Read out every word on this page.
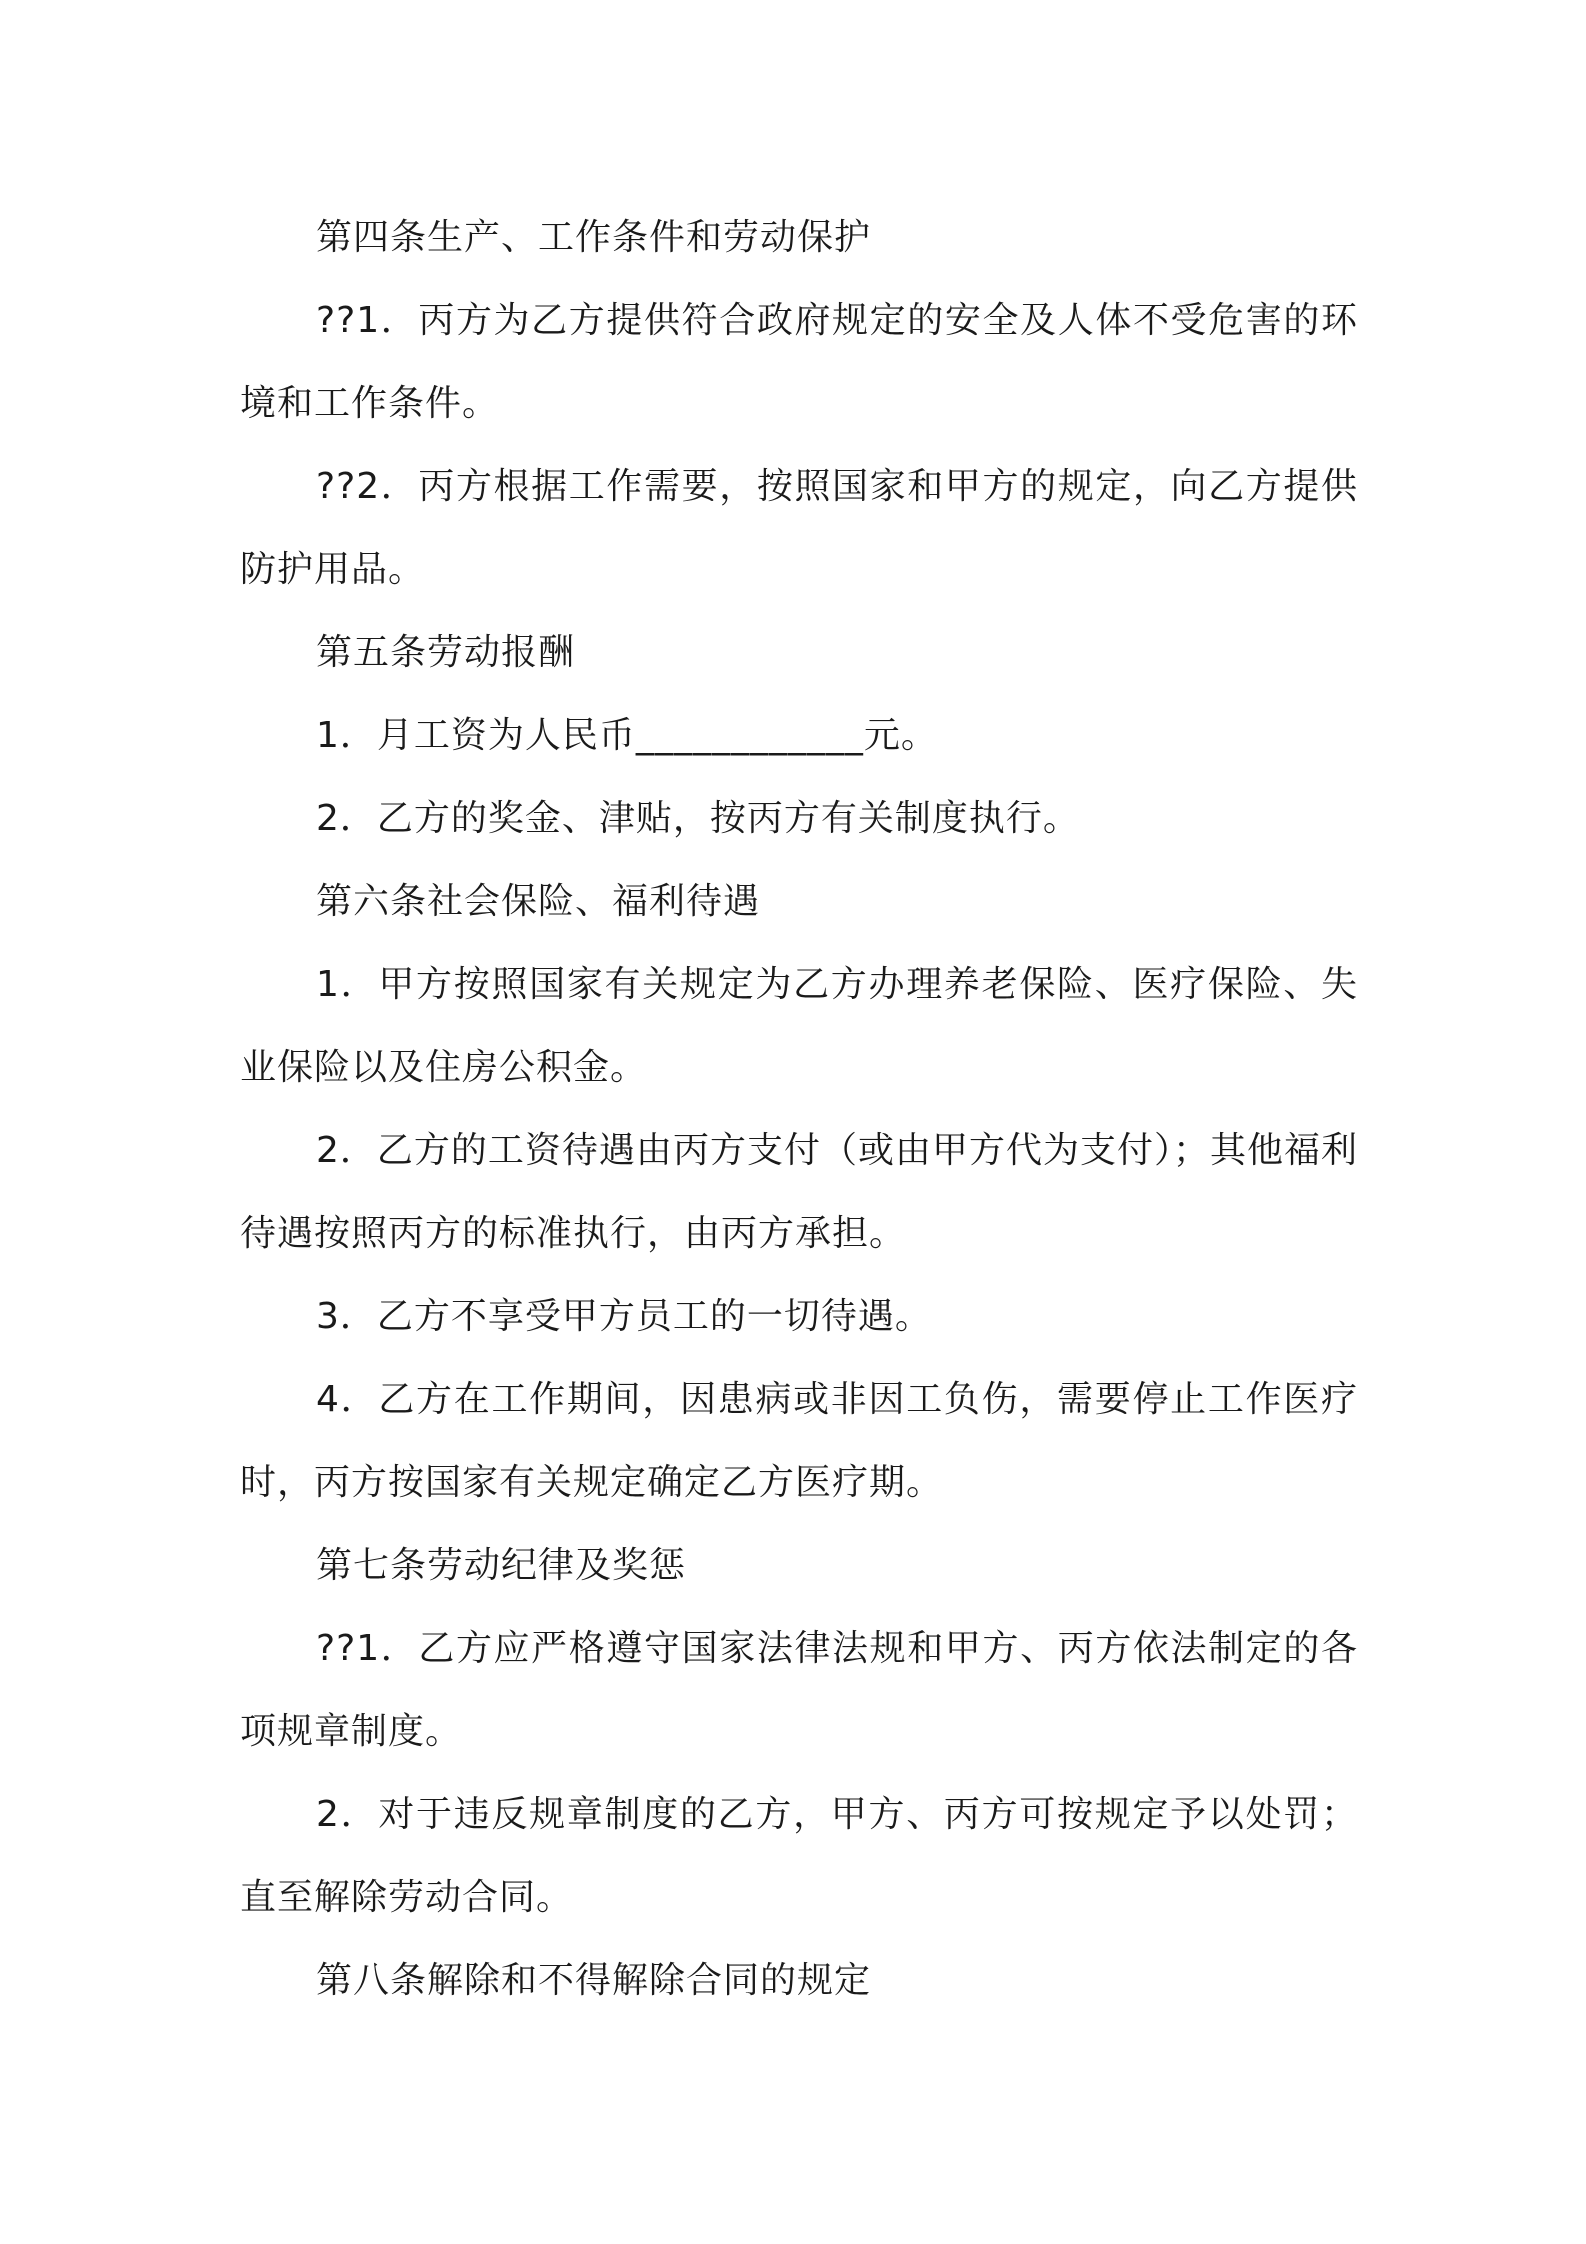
第四条生产、工作条件和劳动保护

??1．丙方为乙方提供符合政府规定的安全及人体不受危害的环境和工作条件。

??2．丙方根据工作需要，按照国家和甲方的规定，向乙方提供防护用品。

第五条劳动报酬

1．月工资为人民币____________元。

2．乙方的奖金、津贴，按丙方有关制度执行。

第六条社会保险、福利待遇

1．甲方按照国家有关规定为乙方办理养老保险、医疗保险、失业保险以及住房公积金。

2．乙方的工资待遇由丙方支付（或由甲方代为支付）；其他福利待遇按照丙方的标准执行，由丙方承担。

3．乙方不享受甲方员工的一切待遇。

4．乙方在工作期间，因患病或非因工负伤，需要停止工作医疗时，丙方按国家有关规定确定乙方医疗期。

第七条劳动纪律及奖惩

??1．乙方应严格遵守国家法律法规和甲方、丙方依法制定的各项规章制度。

2．对于违反规章制度的乙方，甲方、丙方可按规定予以处罚；直至解除劳动合同。

第八条解除和不得解除合同的规定
